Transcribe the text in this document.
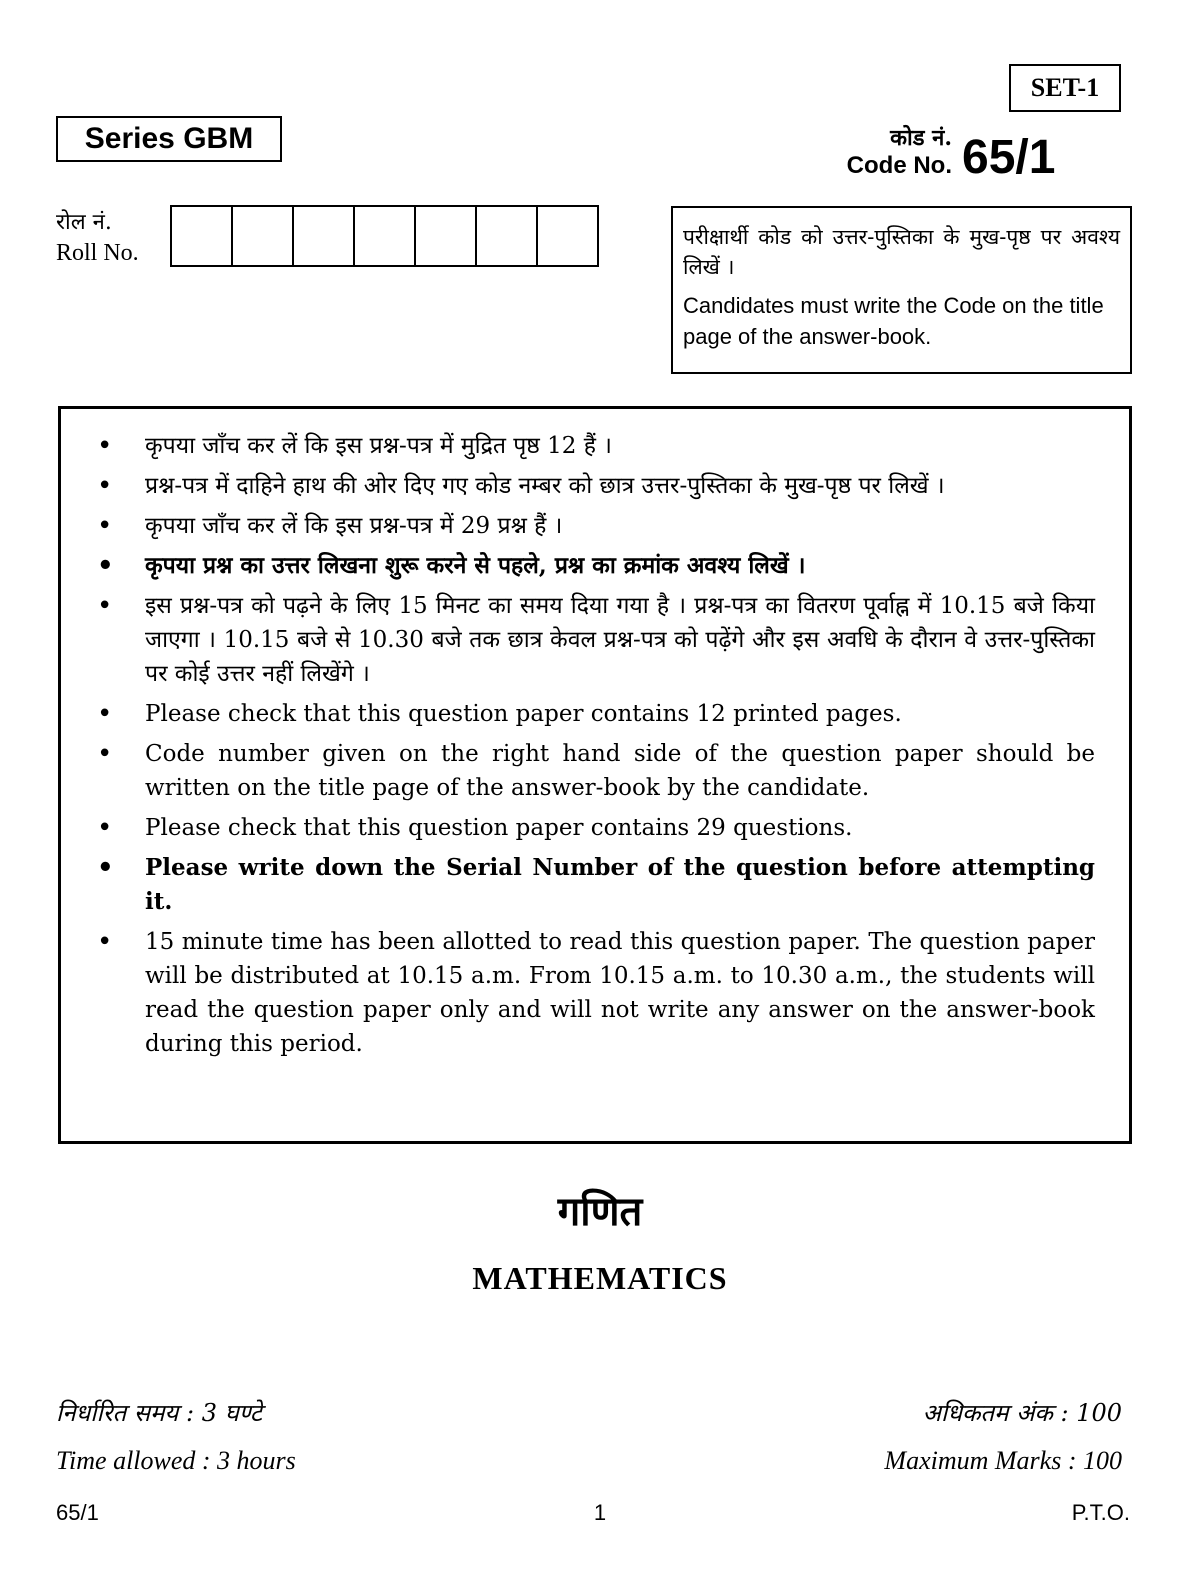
SET-1
Series GBM	कोड नं.
Code No. 65/1
रोल नं.
Roll No.
परीक्षार्थी कोड को उत्तर-पुस्तिका के मुख-पृष्ठ पर अवश्य लिखें ।
Candidates must write the Code on the title page of the answer-book.
• कृपया जाँच कर लें कि इस प्रश्न-पत्र में मुद्रित पृष्ठ 12 हैं ।
• प्रश्न-पत्र में दाहिने हाथ की ओर दिए गए कोड नम्बर को छात्र उत्तर-पुस्तिका के मुख-पृष्ठ पर लिखें ।
• कृपया जाँच कर लें कि इस प्रश्न-पत्र में 29 प्रश्न हैं ।
• कृपया प्रश्न का उत्तर लिखना शुरू करने से पहले, प्रश्न का क्रमांक अवश्य लिखें ।
• इस प्रश्न-पत्र को पढ़ने के लिए 15 मिनट का समय दिया गया है । प्रश्न-पत्र का वितरण पूर्वाह्न में 10.15 बजे किया जाएगा । 10.15 बजे से 10.30 बजे तक छात्र केवल प्रश्न-पत्र को पढ़ेंगे और इस अवधि के दौरान वे उत्तर-पुस्तिका पर कोई उत्तर नहीं लिखेंगे ।
• Please check that this question paper contains 12 printed pages.
• Code number given on the right hand side of the question paper should be written on the title page of the answer-book by the candidate.
• Please check that this question paper contains 29 questions.
• Please write down the Serial Number of the question before attempting it.
• 15 minute time has been allotted to read this question paper. The question paper will be distributed at 10.15 a.m. From 10.15 a.m. to 10.30 a.m., the students will read the question paper only and will not write any answer on the answer-book during this period.
गणित
MATHEMATICS
निर्धारित समय : 3 घण्टे
Time allowed : 3 hours
अधिकतम अंक : 100
Maximum Marks : 100
65/1	1	P.T.O.
